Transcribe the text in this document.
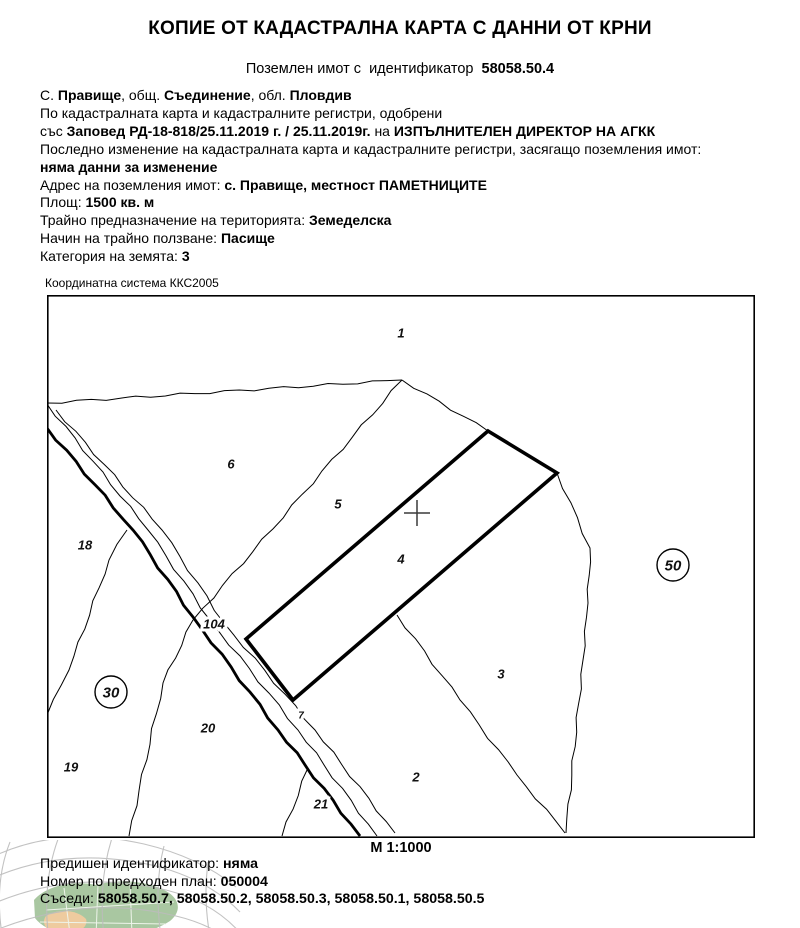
КОПИЕ ОТ КАДАСТРАЛНА КАРТА С ДАННИ ОТ КРНИ
Поземлен имот с  идентификатор  58058.50.4
С. Правище, общ. Съединение, обл. Пловдив
По кадастралната карта и кадастралните регистри, одобрени
със Заповед РД-18-818/25.11.2019 г. / 25.11.2019г. на ИЗПЪЛНИТЕЛЕН ДИРЕКТОР НА АГКК
Последно изменение на кадастралната карта и кадастралните регистри, засягащо поземления имот:
няма данни за изменение
Адрес на поземления имот: с. Правище, местност ПАМЕТНИЦИТЕ
Площ: 1500 кв. м
Трайно предназначение на територията: Земеделска
Начин на трайно ползване: Пасище
Категория на земята: 3
Координатна система ККС2005
1
6
5
4
18
104
20
19
21
2
3
7
30
50
М 1:1000
Предишен идентификатор: няма
Номер по предходен план: 050004
Съседи: 58058.50.7, 58058.50.2, 58058.50.3, 58058.50.1, 58058.50.5
